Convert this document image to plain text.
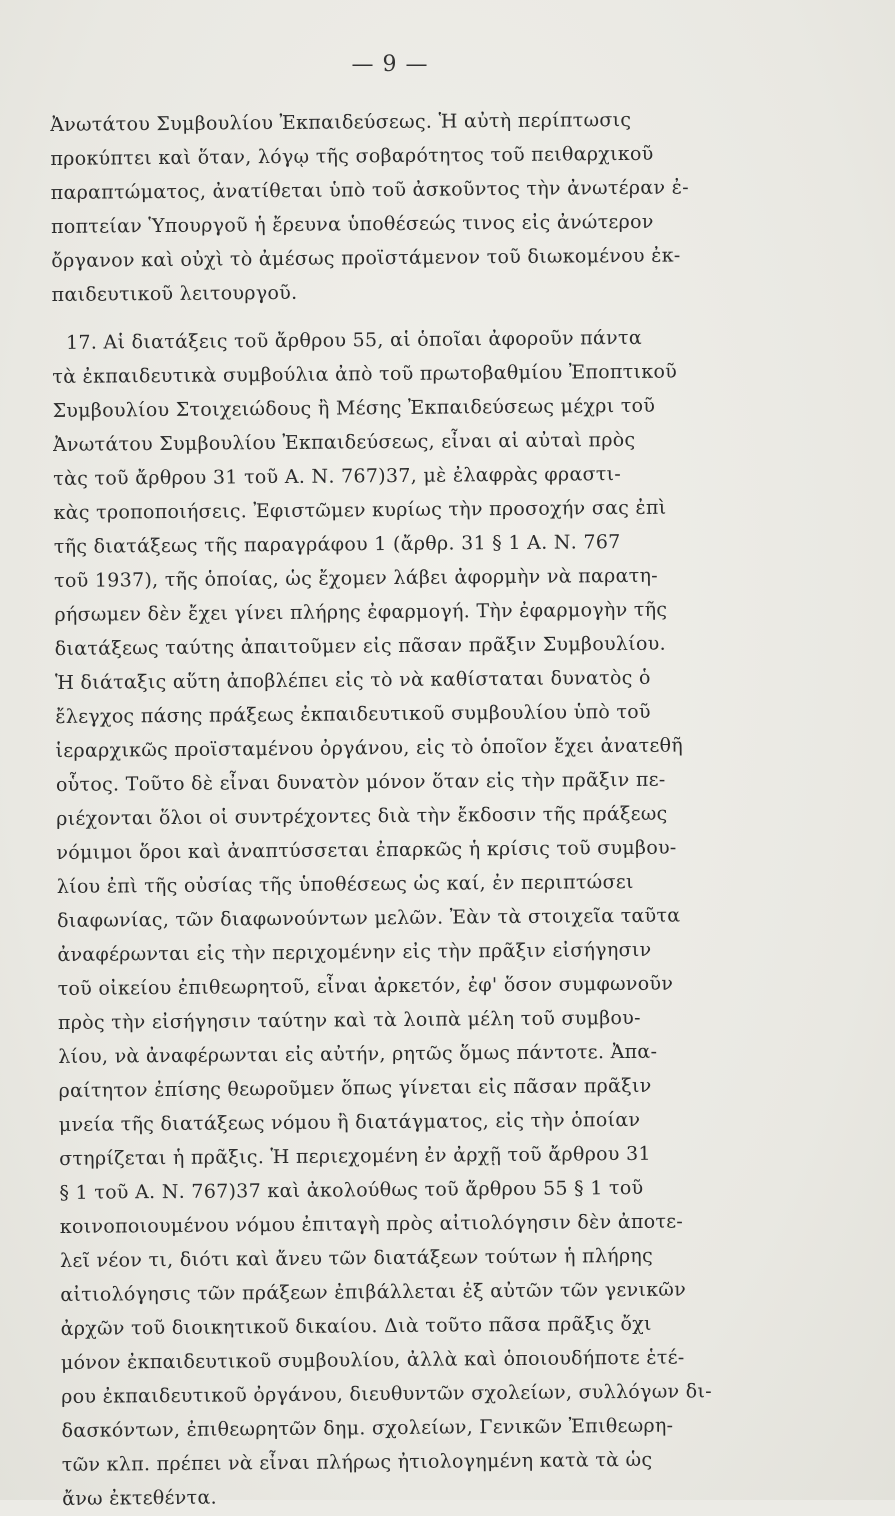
— 9 —
Ἀνωτάτου Συμβουλίου Ἐκπαιδεύσεως. Ἡ αὐτὴ περίπτωσις
προκύπτει καὶ ὅταν, λόγῳ τῆς σοβαρότητος τοῦ πειθαρχικοῦ
παραπτώματος, ἀνατίθεται ὑπὸ τοῦ ἀσκοῦντος τὴν ἀνωτέραν ἐ-
ποπτείαν Ὑπουργοῦ ἡ ἔρευνα ὑποθέσεώς τινος εἰς ἀνώτερον
ὄργανον καὶ οὐχὶ τὸ ἀμέσως προϊστάμενον τοῦ διωκομένου ἐκ-
παιδευτικοῦ λειτουργοῦ.
17. Αἱ διατάξεις τοῦ ἄρθρου 55, αἱ ὁποῖαι ἀφοροῦν πάντα
τὰ ἐκπαιδευτικὰ συμβούλια ἀπὸ τοῦ πρωτοβαθμίου Ἐποπτικοῦ
Συμβουλίου Στοιχειώδους ἢ Μέσης Ἐκπαιδεύσεως μέχρι τοῦ
Ἀνωτάτου Συμβουλίου Ἐκπαιδεύσεως, εἶναι αἱ αὐταὶ πρὸς
τὰς τοῦ ἄρθρου 31 τοῦ Α. Ν. 767)37, μὲ ἐλαφρὰς φραστι-
κὰς τροποποιήσεις. Ἐφιστῶμεν κυρίως τὴν προσοχήν σας ἐπὶ
τῆς διατάξεως τῆς παραγράφου 1 (ἄρθρ. 31 § 1 Α. Ν. 767
τοῦ 1937), τῆς ὁποίας, ὡς ἔχομεν λάβει ἀφορμὴν νὰ παρατη-
ρήσωμεν δὲν ἔχει γίνει πλήρης ἐφαρμογή. Τὴν ἐφαρμογὴν τῆς
διατάξεως ταύτης ἀπαιτοῦμεν εἰς πᾶσαν πρᾶξιν Συμβουλίου.
Ἡ διάταξις αὕτη ἀποβλέπει εἰς τὸ νὰ καθίσταται δυνατὸς ὁ
ἔλεγχος πάσης πράξεως ἐκπαιδευτικοῦ συμβουλίου ὑπὸ τοῦ
ἱεραρχικῶς προϊσταμένου ὀργάνου, εἰς τὸ ὁποῖον ἔχει ἀνατεθῆ
οὗτος. Τοῦτο δὲ εἶναι δυνατὸν μόνον ὅταν εἰς τὴν πρᾶξιν πε-
ριέχονται ὅλοι οἱ συντρέχοντες διὰ τὴν ἔκδοσιν τῆς πράξεως
νόμιμοι ὅροι καὶ ἀναπτύσσεται ἐπαρκῶς ἡ κρίσις τοῦ συμβου-
λίου ἐπὶ τῆς οὐσίας τῆς ὑποθέσεως ὡς καί, ἐν περιπτώσει
διαφωνίας, τῶν διαφωνούντων μελῶν. Ἐὰν τὰ στοιχεῖα ταῦτα
ἀναφέρωνται εἰς τὴν περιχομένην εἰς τὴν πρᾶξιν εἰσήγησιν
τοῦ οἰκείου ἐπιθεωρητοῦ, εἶναι ἀρκετόν, ἐφ' ὅσον συμφωνοῦν
πρὸς τὴν εἰσήγησιν ταύτην καὶ τὰ λοιπὰ μέλη τοῦ συμβου-
λίου, νὰ ἀναφέρωνται εἰς αὐτήν, ρητῶς ὅμως πάντοτε. Ἀπα-
ραίτητον ἐπίσης θεωροῦμεν ὅπως γίνεται εἰς πᾶσαν πρᾶξιν
μνεία τῆς διατάξεως νόμου ἢ διατάγματος, εἰς τὴν ὁποίαν
στηρίζεται ἡ πρᾶξις. Ἡ περιεχομένη ἐν ἀρχῇ τοῦ ἄρθρου 31
§ 1 τοῦ Α. Ν. 767)37 καὶ ἀκολούθως τοῦ ἄρθρου 55 § 1 τοῦ
κοινοποιουμένου νόμου ἐπιταγὴ πρὸς αἰτιολόγησιν δὲν ἀποτε-
λεῖ νέον τι, διότι καὶ ἄνευ τῶν διατάξεων τούτων ἡ πλήρης
αἰτιολόγησις τῶν πράξεων ἐπιβάλλεται ἐξ αὐτῶν τῶν γενικῶν
ἀρχῶν τοῦ διοικητικοῦ δικαίου. Διὰ τοῦτο πᾶσα πρᾶξις ὄχι
μόνον ἐκπαιδευτικοῦ συμβουλίου, ἀλλὰ καὶ ὁποιουδήποτε ἑτέ-
ρου ἐκπαιδευτικοῦ ὀργάνου, διευθυντῶν σχολείων, συλλόγων δι-
δασκόντων, ἐπιθεωρητῶν δημ. σχολείων, Γενικῶν Ἐπιθεωρη-
τῶν κλπ. πρέπει νὰ εἶναι πλήρως ἠτιολογημένη κατὰ τὰ ὡς
ἄνω ἐκτεθέντα.
